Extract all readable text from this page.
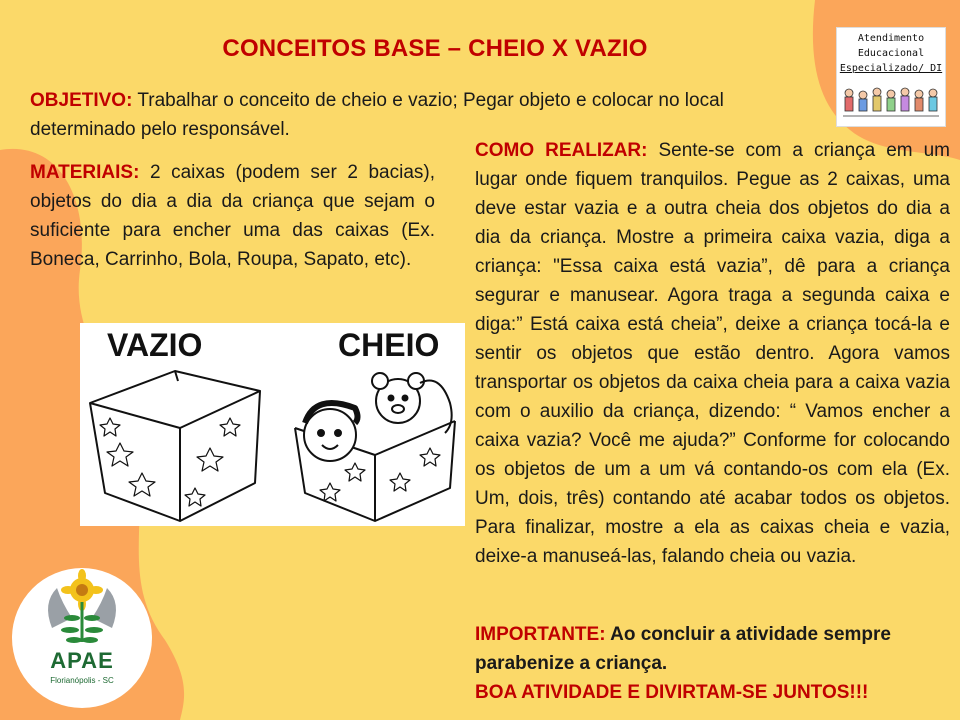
CONCEITOS BASE – CHEIO X VAZIO	Atendimento
Educacional
Especializado/ DI
OBJETIVO: Trabalhar o conceito de cheio e vazio; Pegar objeto e colocar no local determinado pelo responsável.
MATERIAIS: 2 caixas (podem ser 2 bacias), objetos do dia a dia da criança que sejam o suficiente para encher uma das caixas (Ex. Boneca, Carrinho, Bola, Roupa, Sapato, etc).
VAZIO	CHEIO
COMO REALIZAR: Sente-se com a criança em um lugar onde fiquem tranquilos. Pegue as 2 caixas, uma deve estar vazia e a outra cheia dos objetos do dia a dia da criança. Mostre a primeira caixa vazia, diga a criança: "Essa caixa está vazia”, dê para a criança segurar e manusear. Agora traga a segunda caixa e diga:” Está caixa está cheia”, deixe a criança tocá-la e sentir os objetos que estão dentro. Agora vamos transportar os objetos da caixa cheia para a caixa vazia com o auxilio da criança, dizendo: “ Vamos encher a caixa vazia? Você me ajuda?” Conforme for colocando os objetos de um a um vá contando-os com ela (Ex. Um, dois, três) contando até acabar todos os objetos. Para finalizar, mostre a ela as caixas cheia e vazia, deixe-a manuseá-las, falando cheia ou vazia.
IMPORTANTE: Ao concluir a atividade sempre parabenize a criança.
BOA ATIVIDADE E DIVIRTAM-SE JUNTOS!!!
APAE
Florianópolis - SC
